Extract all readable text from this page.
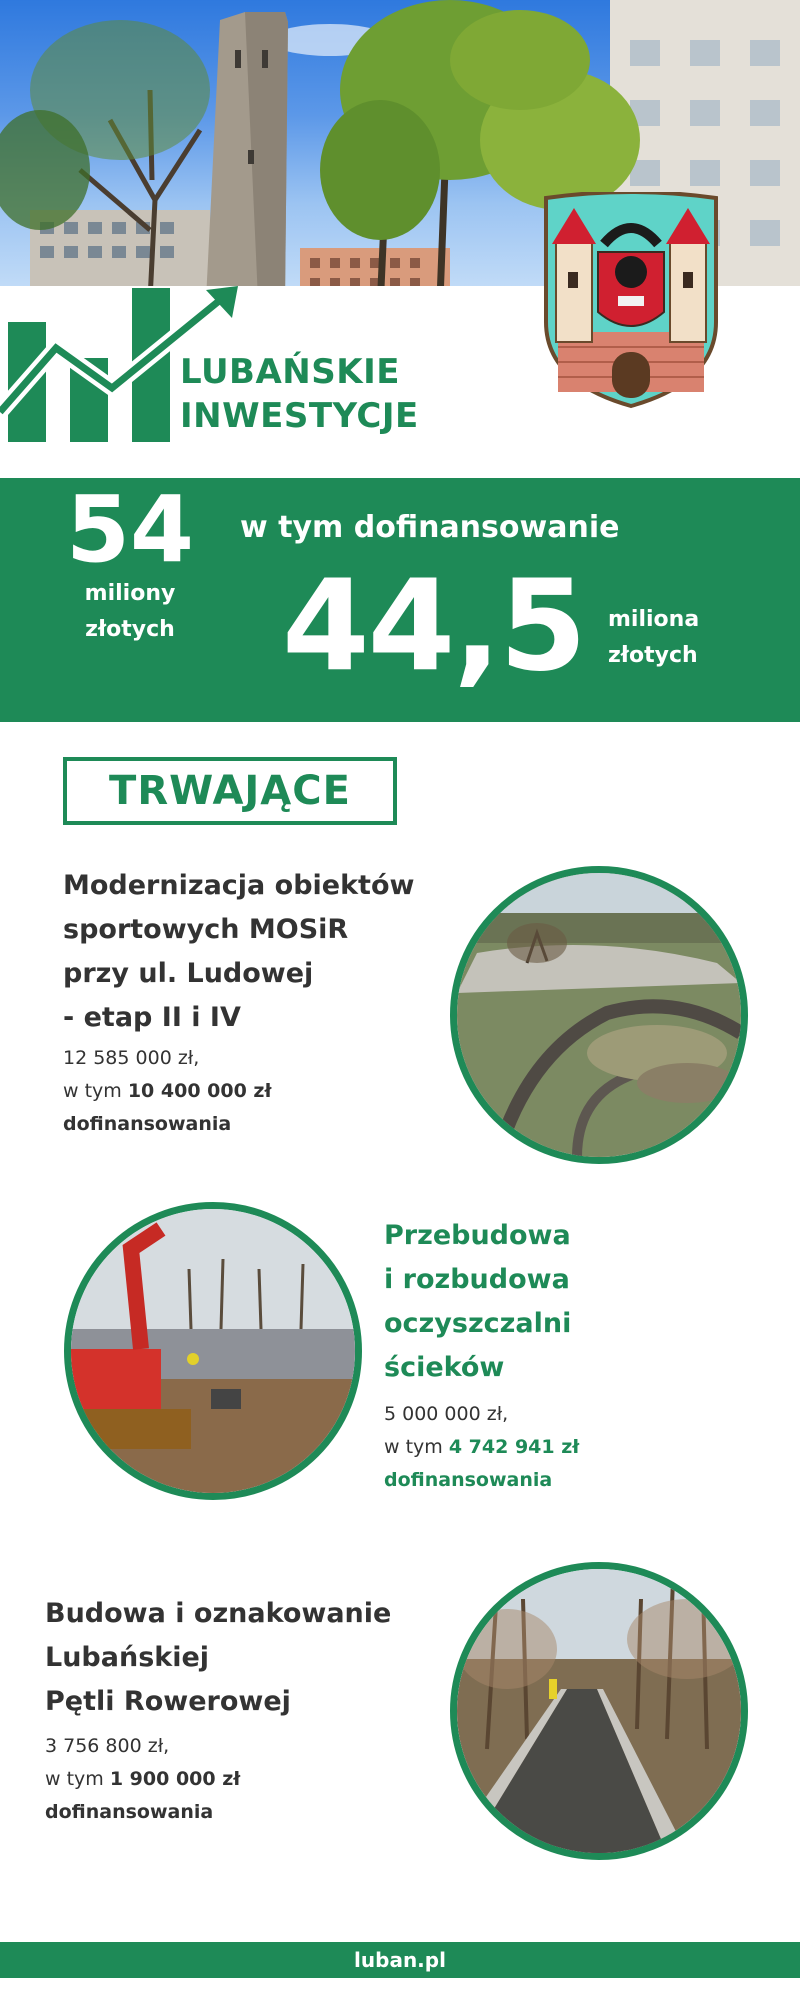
LUBAŃSKIE
INWESTYCJE
54
miliony
złotych
w tym dofinansowanie
44,5 miliona
złotych
TRWAJĄCE
Modernizacja obiektów
sportowych MOSiR
przy ul. Ludowej
- etap II i IV
12 585 000 zł,
w tym 10 400 000 zł
dofinansowania
Przebudowa
i rozbudowa
oczyszczalni
ścieków
5 000 000 zł,
w tym 4 742 941 zł
dofinansowania
Budowa i oznakowanie
Lubańskiej
Pętli Rowerowej
3 756 800 zł,
w tym 1 900 000 zł
dofinansowania
luban.pl
